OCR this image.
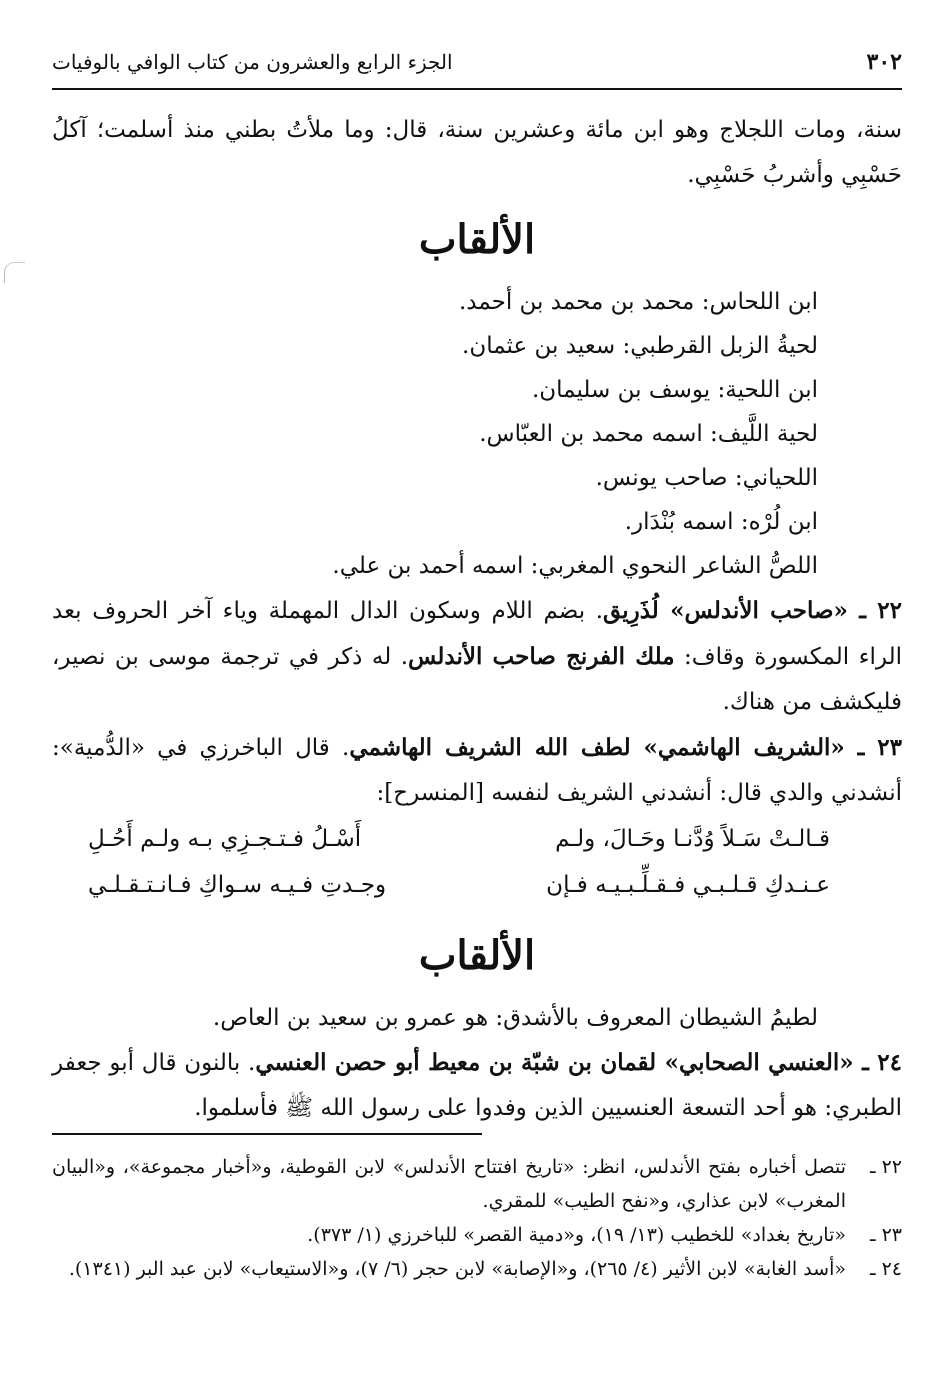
٣٠٢
الجزء الرابع والعشرون من كتاب الوافي بالوفيات

سنة، ومات اللجلاج وهو ابن مائة وعشرين سنة، قال: وما ملأتُ بطني منذ أسلمت؛ آكلُ حَسْبِي وأشربُ حَسْبِي.

الألقاب

ابن اللحاس: محمد بن محمد بن أحمد.

لحيةُ الزبل القرطبي: سعيد بن عثمان.

ابن اللحية: يوسف بن سليمان.

لحية اللَّيف: اسمه محمد بن العبّاس.

اللحياني: صاحب يونس.

ابن لُرْه: اسمه بُنْدَار.

اللصُّ الشاعر النحوي المغربي: اسمه أحمد بن علي.

٢٢ ـ «صاحب الأندلس» لُذَرِيق. بضم اللام وسكون الدال المهملة وياء آخر الحروف بعد الراء المكسورة وقاف: ملك الفرنج صاحب الأندلس. له ذكر في ترجمة موسى بن نصير، فليكشف من هناك.

٢٣ ـ «الشريف الهاشمي» لطف الله الشريف الهاشمي. قال الباخرزي في «الدُّمية»: أنشدني والدي قال: أنشدني الشريف لنفسه [المنسرح]:

قـالـتْ سَـلاً وُدَّنـا وحَـالَ، ولـم
أَسْـلُ فـتـجـزِي بـه ولـم أَحُـلِ
عـنـدكِ قـلـبـي فـقـلِّـبـيـه فـإن
وجـدتِ فـيـه سـواكِ فـانـتـقـلـي
الألقاب

لطيمُ الشيطان المعروف بالأشدق: هو عمرو بن سعيد بن العاص.

٢٤ ـ «العنسي الصحابي» لقمان بن شبّة بن معيط أبو حصن العنسي. بالنون قال أبو جعفر الطبري: هو أحد التسعة العنسيين الذين وفدوا على رسول الله ﷺ فأسلموا.

٢٢ ـ
تتصل أخباره بفتح الأندلس، انظر: «تاريخ افتتاح الأندلس» لابن القوطية، و«أخبار مجموعة»، و«البيان المغرب» لابن عذاري، و«نفح الطيب» للمقري.
٢٣ ـ
«تاريخ بغداد» للخطيب (١٣/ ١٩)، و«دمية القصر» للباخرزي (١/ ٣٧٣).
٢٤ ـ
«أسد الغابة» لابن الأثير (٤/ ٢٦٥)، و«الإصابة» لابن حجر (٦/ ٧)، و«الاستيعاب» لابن عبد البر (١٣٤١).
